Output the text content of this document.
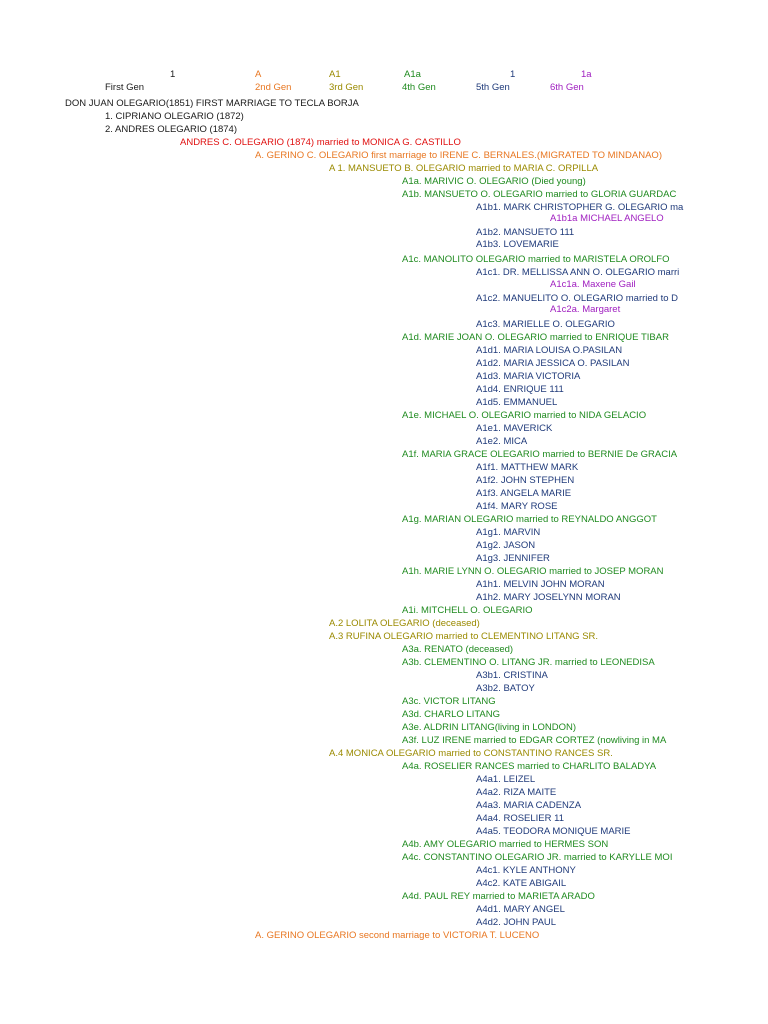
1
First Gen
A
2nd Gen
A1
3rd Gen
A1a
4th Gen
1
5th Gen
1a
6th Gen
DON JUAN OLEGARIO(1851) FIRST MARRIAGE TO TECLA BORJA
1. CIPRIANO OLEGARIO (1872)
2. ANDRES OLEGARIO (1874)
ANDRES C. OLEGARIO (1874) married to MONICA G. CASTILLO
A. GERINO C. OLEGARIO first marriage to IRENE C. BERNALES.(MIGRATED TO MINDANAO)
A 1. MANSUETO B. OLEGARIO married to MARIA C. ORPILLA
A1a. MARIVIC O. OLEGARIO (Died young)
A1b. MANSUETO O. OLEGARIO married to GLORIA GUARDAC
A1b1. MARK CHRISTOPHER G. OLEGARIO ma
A1b1a MICHAEL ANGELO
A1b2. MANSUETO 111
A1b3. LOVEMARIE
A1c. MANOLITO OLEGARIO married to MARISTELA OROLFO
A1c1. DR. MELLISSA ANN O. OLEGARIO marri
A1c1a. Maxene Gail
A1c2. MANUELITO O. OLEGARIO married to D
A1c2a. Margaret
A1c3. MARIELLE O. OLEGARIO
A1d. MARIE JOAN O. OLEGARIO married to ENRIQUE TIBAR
A1d1. MARIA LOUISA O.PASILAN
A1d2. MARIA JESSICA O. PASILAN
A1d3. MARIA VICTORIA
A1d4. ENRIQUE 111
A1d5. EMMANUEL
A1e. MICHAEL O. OLEGARIO married to NIDA GELACIO
A1e1. MAVERICK
A1e2. MICA
A1f. MARIA GRACE OLEGARIO married to BERNIE De GRACIA
A1f1. MATTHEW MARK
A1f2. JOHN STEPHEN
A1f3. ANGELA MARIE
A1f4. MARY ROSE
A1g. MARIAN OLEGARIO married to REYNALDO ANGGOT
A1g1. MARVIN
A1g2. JASON
A1g3. JENNIFER
A1h. MARIE LYNN O. OLEGARIO married to JOSEP MORAN
A1h1. MELVIN JOHN MORAN
A1h2. MARY JOSELYNN MORAN
A1i. MITCHELL O. OLEGARIO
A.2 LOLITA OLEGARIO (deceased)
A.3 RUFINA OLEGARIO married to CLEMENTINO LITANG SR.
A3a. RENATO (deceased)
A3b. CLEMENTINO O. LITANG JR. married to LEONEDISA
A3b1. CRISTINA
A3b2. BATOY
A3c. VICTOR LITANG
A3d. CHARLO LITANG
A3e. ALDRIN LITANG(living in LONDON)
A3f. LUZ IRENE married to EDGAR CORTEZ (nowliving in MA
A.4 MONICA OLEGARIO married to CONSTANTINO RANCES SR.
A4a. ROSELIER RANCES married to CHARLITO BALADYA
A4a1. LEIZEL
A4a2. RIZA MAITE
A4a3. MARIA CADENZA
A4a4. ROSELIER 11
A4a5. TEODORA MONIQUE MARIE
A4b. AMY OLEGARIO married to HERMES SON
A4c. CONSTANTINO OLEGARIO JR. married to KARYLLE MOI
A4c1. KYLE ANTHONY
A4c2. KATE ABIGAIL
A4d. PAUL REY married to MARIETA ARADO
A4d1. MARY ANGEL
A4d2. JOHN PAUL
A. GERINO OLEGARIO second marriage to VICTORIA T. LUCENO
